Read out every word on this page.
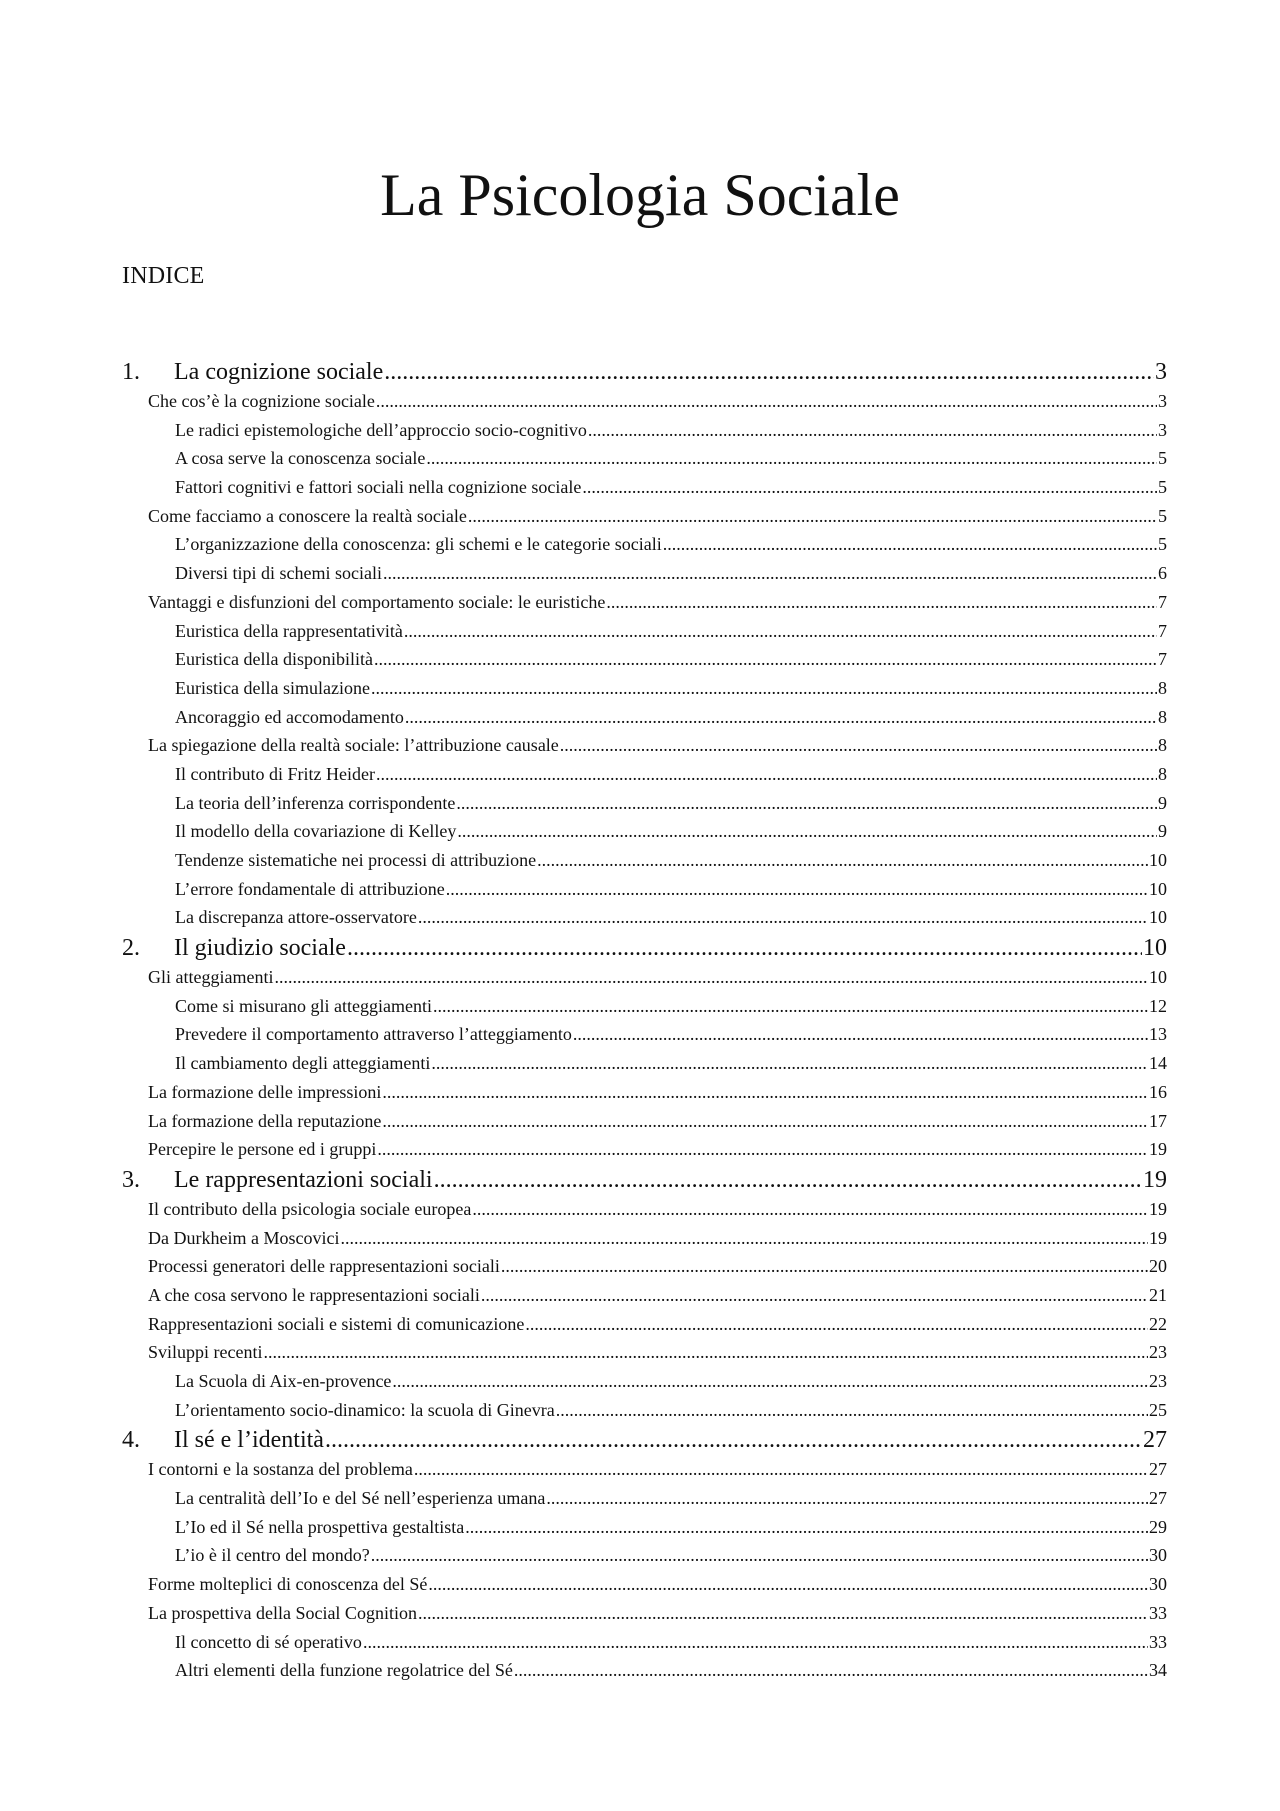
La Psicologia Sociale
INDICE
1.	La cognizione sociale .....	3
Che cos’è la cognizione sociale .....	3
Le radici epistemologiche dell’approccio socio-cognitivo .....	3
A cosa serve la conoscenza sociale .....	5
Fattori cognitivi e fattori sociali nella cognizione sociale .....	5
Come facciamo a conoscere la realtà sociale .....	5
L’organizzazione della conoscenza: gli schemi e le categorie sociali .....	5
Diversi tipi di schemi sociali .....	6
Vantaggi e disfunzioni del comportamento sociale: le euristiche .....	7
Euristica della rappresentatività .....	7
Euristica della disponibilità .....	7
Euristica della simulazione .....	8
Ancoraggio ed accomodamento .....	8
La spiegazione della realtà sociale: l’attribuzione causale .....	8
Il contributo di Fritz Heider .....	8
La teoria dell’inferenza corrispondente .....	9
Il modello della covariazione di Kelley .....	9
Tendenze sistematiche nei processi di attribuzione .....	10
L’errore fondamentale di attribuzione .....	10
La discrepanza attore-osservatore .....	10
2.	Il giudizio sociale .....	10
Gli atteggiamenti .....	10
Come si misurano gli atteggiamenti .....	12
Prevedere il comportamento attraverso l’atteggiamento .....	13
Il cambiamento degli atteggiamenti .....	14
La formazione delle impressioni .....	16
La formazione della reputazione .....	17
Percepire le persone ed i gruppi .....	19
3.	Le rappresentazioni sociali .....	19
Il contributo della psicologia sociale europea .....	19
Da Durkheim a Moscovici .....	19
Processi generatori delle rappresentazioni sociali .....	20
A che cosa servono le rappresentazioni sociali .....	21
Rappresentazioni sociali e sistemi di comunicazione .....	22
Sviluppi recenti .....	23
La Scuola di Aix-en-provence .....	23
L’orientamento socio-dinamico: la scuola di Ginevra .....	25
4.	Il sé e l’identità .....	27
I contorni e la sostanza del problema .....	27
La centralità dell’Io e del Sé nell’esperienza umana .....	27
L’Io ed il Sé nella prospettiva gestaltista .....	29
L’io è il centro del mondo? .....	30
Forme molteplici di conoscenza del Sé .....	30
La prospettiva della Social Cognition .....	33
Il concetto di sé operativo .....	33
Altri elementi della funzione regolatrice del Sé .....	34
